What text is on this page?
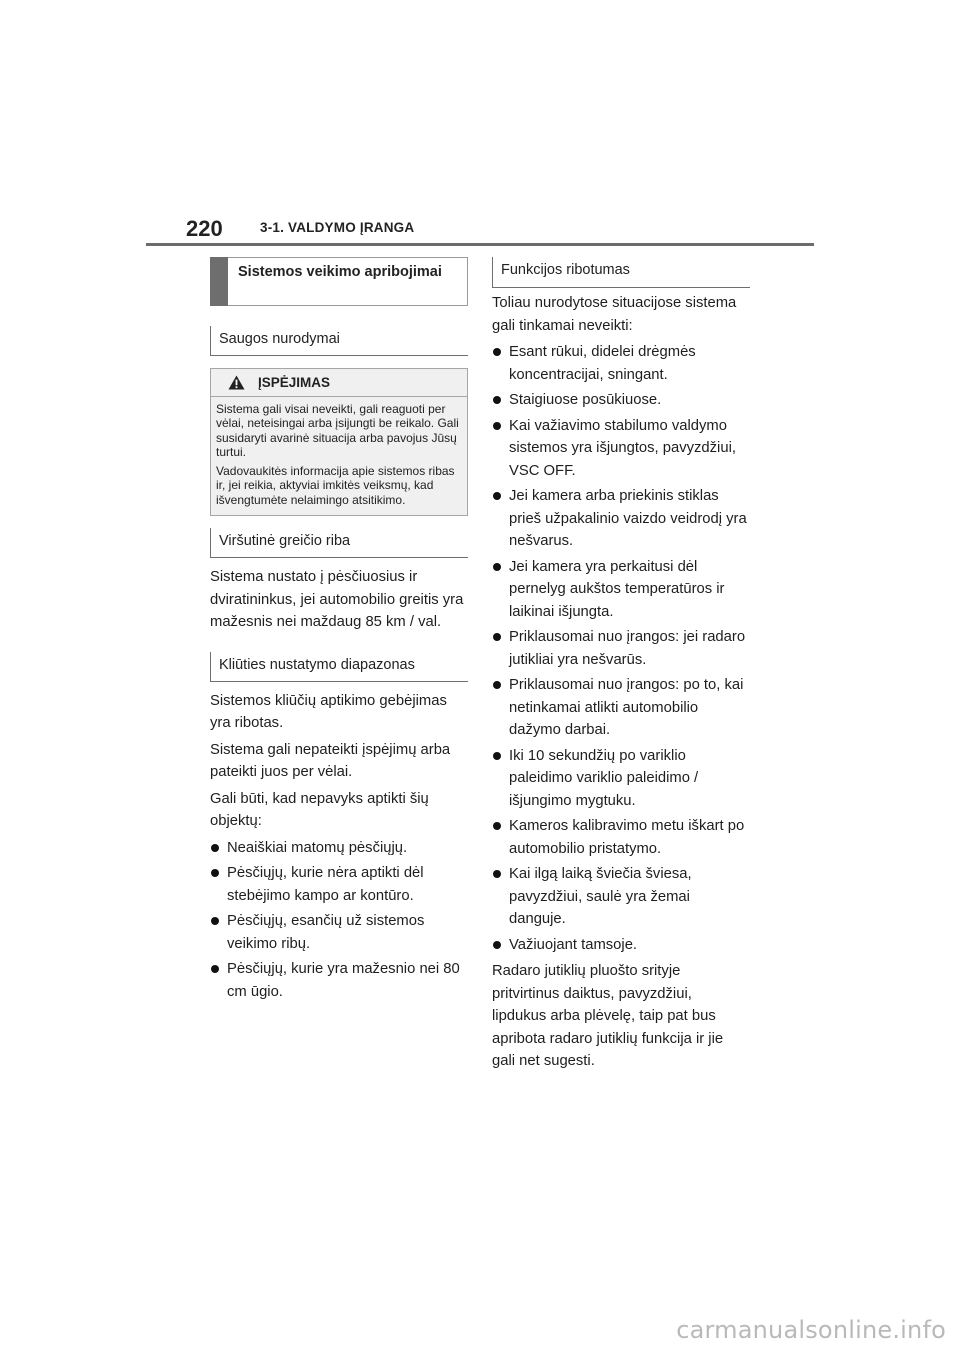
220	3-1. VALDYMO ĮRANGA
Sistemos veikimo apribojimai
Saugos nurodymai
ĮSPĖJIMAS

Sistema gali visai neveikti, gali reaguoti per vėlai, neteisingai arba įsijungti be reikalo. Gali susidaryti avarinė situacija arba pavojus Jūsų turtui.

Vadovaukitės informacija apie sistemos ribas ir, jei reikia, aktyviai imkitės veiksmų, kad išvengtumėte nelaimingo atsitikimo.

Viršutinė greičio riba

Sistema nustato į pėsčiuosius ir dviratininkus, jei automobilio greitis yra mažesnis nei maždaug 85 km / val.

Kliūties nustatymo diapazonas

Sistemos kliūčių aptikimo gebėjimas yra ribotas.

Sistema gali nepateikti įspėjimų arba pateikti juos per vėlai.

Gali būti, kad nepavyks aptikti šių objektų:

Neaiškiai matomų pėsčiųjų.
Pėsčiųjų, kurie nėra aptikti dėl stebėjimo kampo ar kontūro.
Pėsčiųjų, esančių už sistemos veikimo ribų.
Pėsčiųjų, kurie yra mažesnio nei 80 cm ūgio.
Funkcijos ribotumas

Toliau nurodytose situacijose sistema gali tinkamai neveikti:

Esant rūkui, didelei drėgmės koncentracijai, sningant.
Staigiuose posūkiuose.
Kai važiavimo stabilumo valdymo sistemos yra išjungtos, pavyzdžiui, VSC OFF.
Jei kamera arba priekinis stiklas prieš užpakalinio vaizdo veidrodį yra nešvarus.
Jei kamera yra perkaitusi dėl pernelyg aukštos temperatūros ir laikinai išjungta.
Priklausomai nuo įrangos: jei radaro jutikliai yra nešvarūs.
Priklausomai nuo įrangos: po to, kai netinkamai atlikti automobilio dažymo darbai.
Iki 10 sekundžių po variklio paleidimo variklio paleidimo / išjungimo mygtuku.
Kameros kalibravimo metu iškart po automobilio pristatymo.
Kai ilgą laiką šviečia šviesa, pavyzdžiui, saulė yra žemai danguje.
Važiuojant tamsoje.

Radaro jutiklių pluošto srityje pritvirtinus daiktus, pavyzdžiui, lipdukus arba plėvelę, taip pat bus apribota radaro jutiklių funkcija ir jie gali net sugesti.

carmanualsonline.info
